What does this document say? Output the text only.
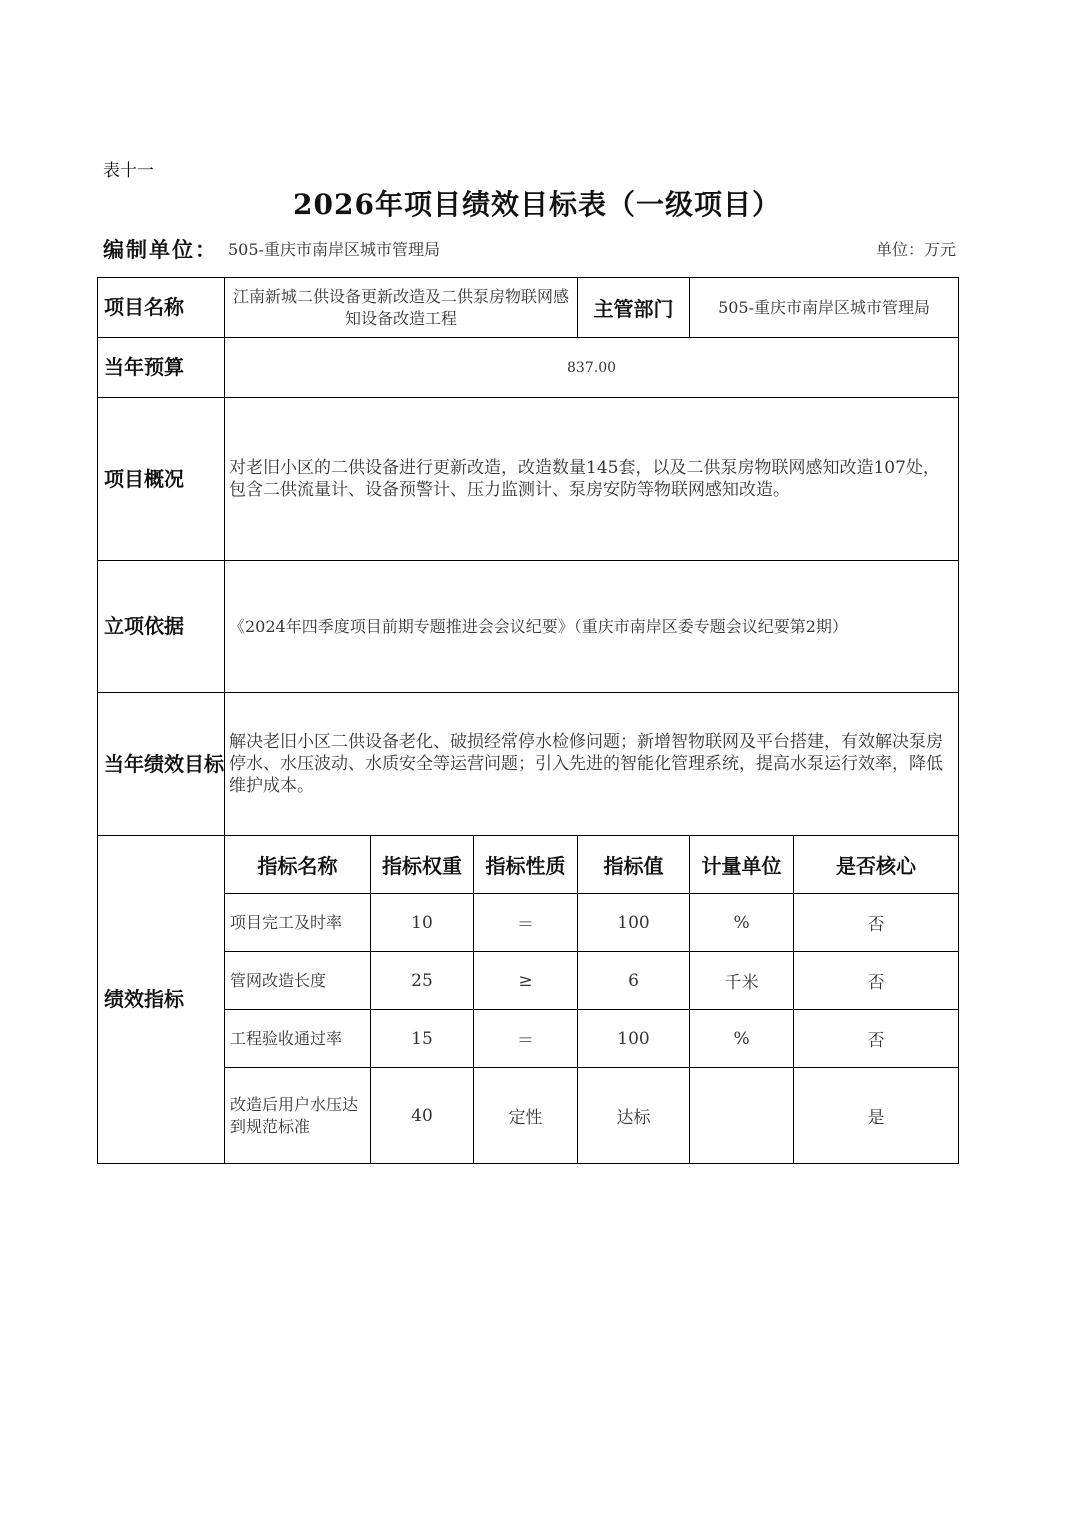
表十一
2026年项目绩效目标表（一级项目）
编制单位： 505-重庆市南岸区城市管理局	单位：万元
项目名称	江南新城二供设备更新改造及二供泵房物联网感知设备改造工程			主管部门	505-重庆市南岸区城市管理局	
当年预算	837.00					
项目概况	对老旧小区的二供设备进行更新改造，改造数量145套，以及二供泵房物联网感知改造107处，包含二供流量计、设备预警计、压力监测计、泵房安防等物联网感知改造。					
立项依据	《2024年四季度项目前期专题推进会会议纪要》（重庆市南岸区委专题会议纪要第2期）					
当年绩效目标	解决老旧小区二供设备老化、破损经常停水检修问题；新增智物联网及平台搭建，有效解决泵房停水、水压波动、水质安全等运营问题；引入先进的智能化管理系统，提高水泵运行效率，降低维护成本。					
绩效指标	指标名称	指标权重	指标性质	指标值	计量单位	是否核心
	项目完工及时率	10	＝	100	%	否
	管网改造长度	25	≥	6	千米	否
	工程验收通过率	15	＝	100	%	否
	改造后用户水压达到规范标准	40	定性	达标		是
